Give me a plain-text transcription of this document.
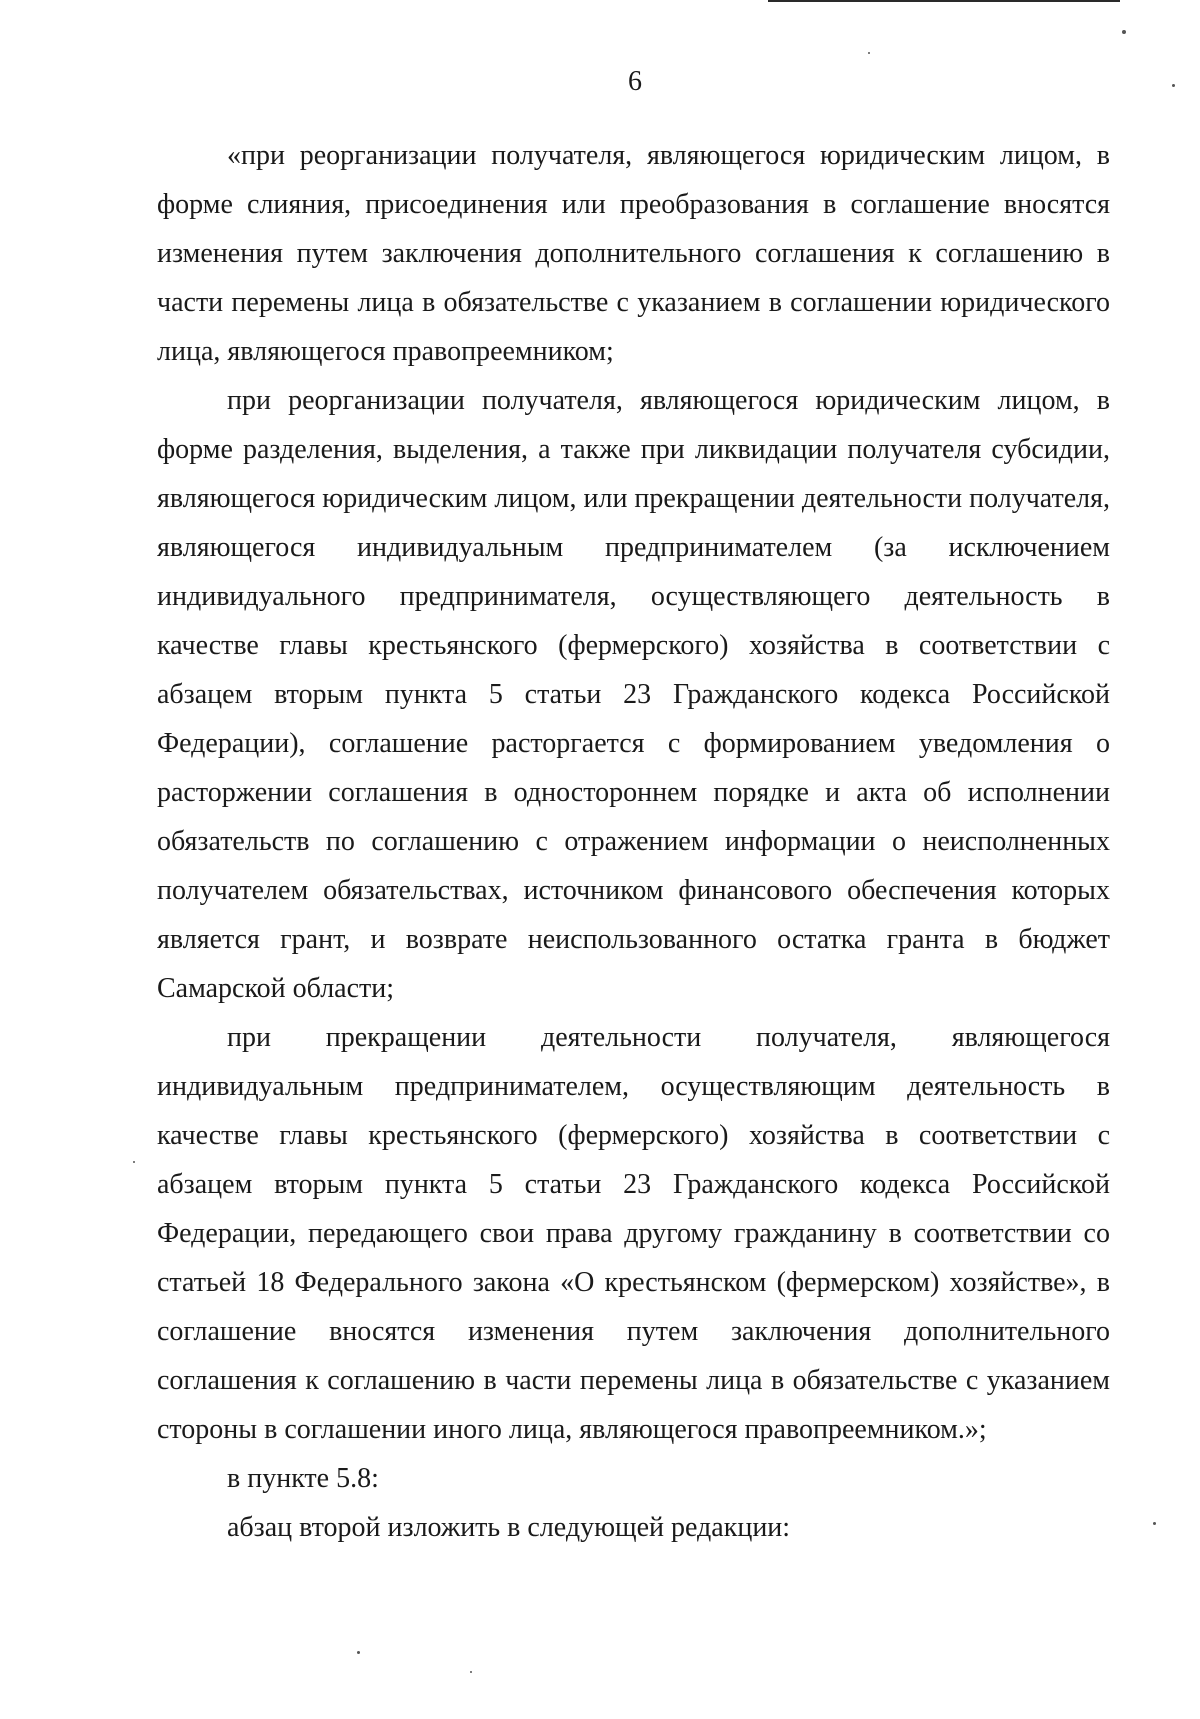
6

«при реорганизации получателя, являющегося юридическим лицом, в форме слияния, присоединения или преобразования в соглашение вносятся изменения путем заключения дополнительного соглашения к соглашению в части перемены лица в обязательстве с указанием в соглашении юридического лица, являющегося правопреемником;

при реорганизации получателя, являющегося юридическим лицом, в форме разделения, выделения, а также при ликвидации получателя субсидии, являющегося юридическим лицом, или прекращении деятельности получателя, являющегося индивидуальным предпринимателем (за исключением индивидуального предпринимателя, осуществляющего деятельность в качестве главы крестьянского (фермерского) хозяйства в соответствии с абзацем вторым пункта 5 статьи 23 Гражданского кодекса Российской Федерации), соглашение расторгается с формированием уведомления о расторжении соглашения в одностороннем порядке и акта об исполнении обязательств по соглашению с отражением информации о неисполненных получателем обязательствах, источником финансового обеспечения которых является грант, и возврате неиспользованного остатка гранта в бюджет Самарской области;

при прекращении деятельности получателя, являющегося индивидуальным предпринимателем, осуществляющим деятельность в качестве главы крестьянского (фермерского) хозяйства в соответствии с абзацем вторым пункта 5 статьи 23 Гражданского кодекса Российской Федерации, передающего свои права другому гражданину в соответствии со статьей 18 Федерального закона «О крестьянском (фермерском) хозяйстве», в соглашение вносятся изменения путем заключения дополнительного соглашения к соглашению в части перемены лица в обязательстве с указанием стороны в соглашении иного лица, являющегося правопреемником.»;

в пункте 5.8:

абзац второй изложить в следующей редакции:
